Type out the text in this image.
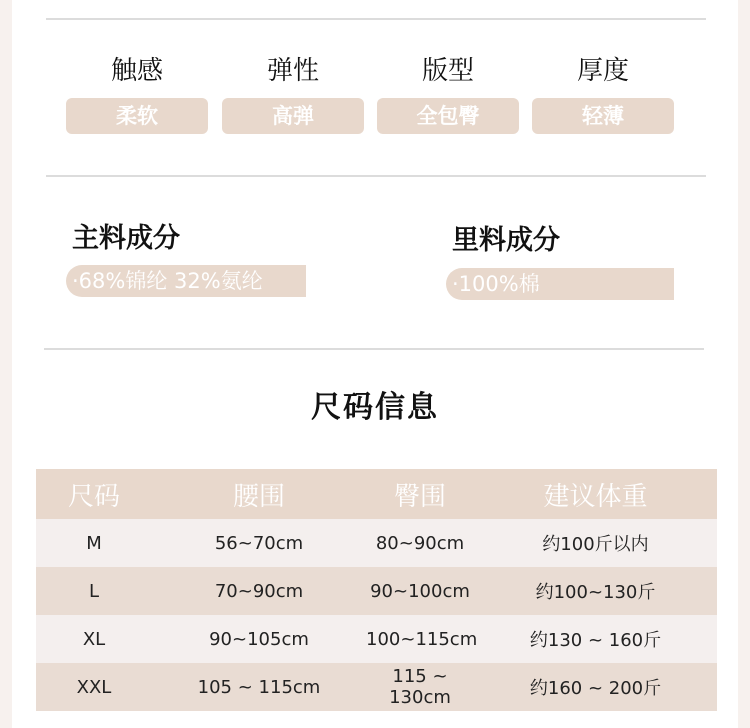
触感
柔软
弹性
高弹
版型
全包臀
厚度
轻薄
主料成分
·68%锦纶 32%氨纶
里料成分
·100%棉
尺码信息
尺码	腰围	臀围	建议体重
M	56~70cm	80~90cm	约100斤以内
L	70~90cm	90~100cm	约100~130斤
XL	90~105cm	100~115cm	约130 ~ 160斤
XXL	105 ~ 115cm	115 ~ 130cm	约160 ~ 200斤
